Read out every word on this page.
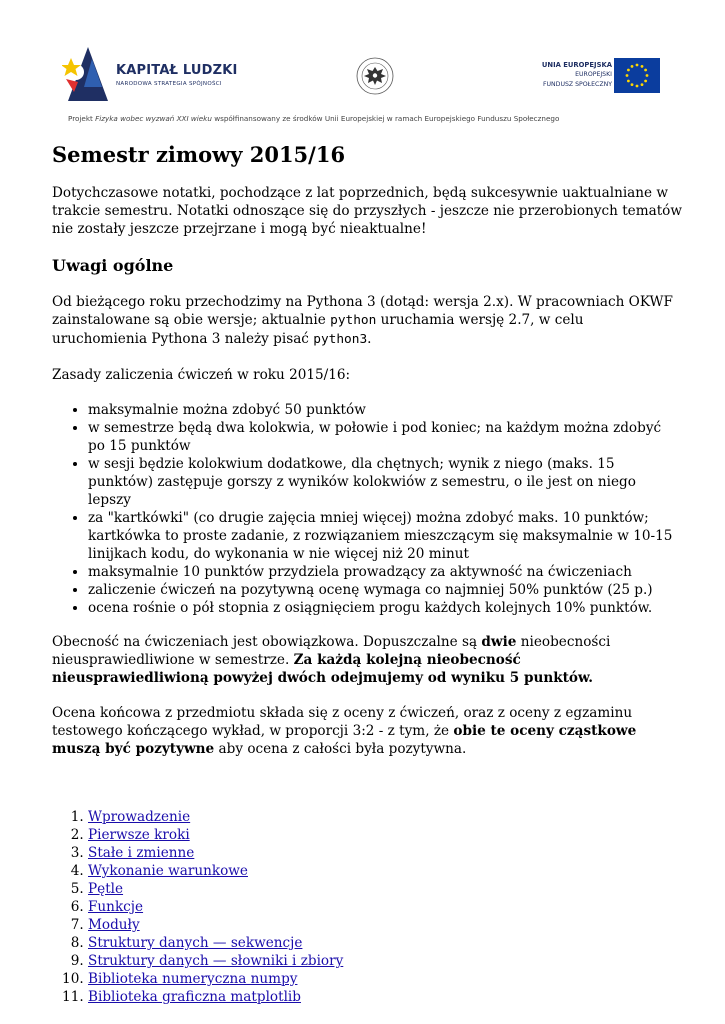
KAPITAŁ LUDZKI
NARODOWA STRATEGIA SPÓJNOŚCI
UNIA EUROPEJSKA
EUROPEJSKI
FUNDUSZ SPOŁECZNY
Projekt Fizyka wobec wyzwań XXI wieku współfinansowany ze środków Unii Europejskiej w ramach Europejskiego Funduszu Społecznego
Semestr zimowy 2015/16

Dotychczasowe notatki, pochodzące z lat poprzednich, będą sukcesywnie uaktualniane w trakcie semestru. Notatki odnoszące się do przyszłych - jeszcze nie przerobionych tematów nie zostały jeszcze przejrzane i mogą być nieaktualne!

Uwagi ogólne

Od bieżącego roku przechodzimy na Pythona 3 (dotąd: wersja 2.x). W pracowniach OKWF zainstalowane są obie wersje; aktualnie python uruchamia wersję 2.7, w celu uruchomienia Pythona 3 należy pisać python3.

Zasady zaliczenia ćwiczeń w roku 2015/16:

• maksymalnie można zdobyć 50 punktów
• w semestrze będą dwa kolokwia, w połowie i pod koniec; na każdym można zdobyć po 15 punktów
• w sesji będzie kolokwium dodatkowe, dla chętnych; wynik z niego (maks. 15 punktów) zastępuje gorszy z wyników kolokwiów z semestru, o ile jest on niego lepszy
• za "kartkówki" (co drugie zajęcia mniej więcej) można zdobyć maks. 10 punktów; kartkówka to proste zadanie, z rozwiązaniem mieszczącym się maksymalnie w 10-15 linijkach kodu, do wykonania w nie więcej niż 20 minut
• maksymalnie 10 punktów przydziela prowadzący za aktywność na ćwiczeniach
• zaliczenie ćwiczeń na pozytywną ocenę wymaga co najmniej 50% punktów (25 p.)
• ocena rośnie o pół stopnia z osiągnięciem progu każdych kolejnych 10% punktów.

Obecność na ćwiczeniach jest obowiązkowa. Dopuszczalne są dwie nieobecności nieusprawiedliwione w semestrze. Za każdą kolejną nieobecność nieusprawiedliwioną powyżej dwóch odejmujemy od wyniku 5 punktów.

Ocena końcowa z przedmiotu składa się z oceny z ćwiczeń, oraz z oceny z egzaminu testowego kończącego wykład, w proporcji 3:2 - z tym, że obie te oceny cząstkowe muszą być pozytywne aby ocena z całości była pozytywna.

1. Wprowadzenie
2. Pierwsze kroki
3. Stałe i zmienne
4. Wykonanie warunkowe
5. Pętle
6. Funkcje
7. Moduły
8. Struktury danych — sekwencje
9. Struktury danych — słowniki i zbiory
10. Biblioteka numeryczna numpy
11. Biblioteka graficzna matplotlib
